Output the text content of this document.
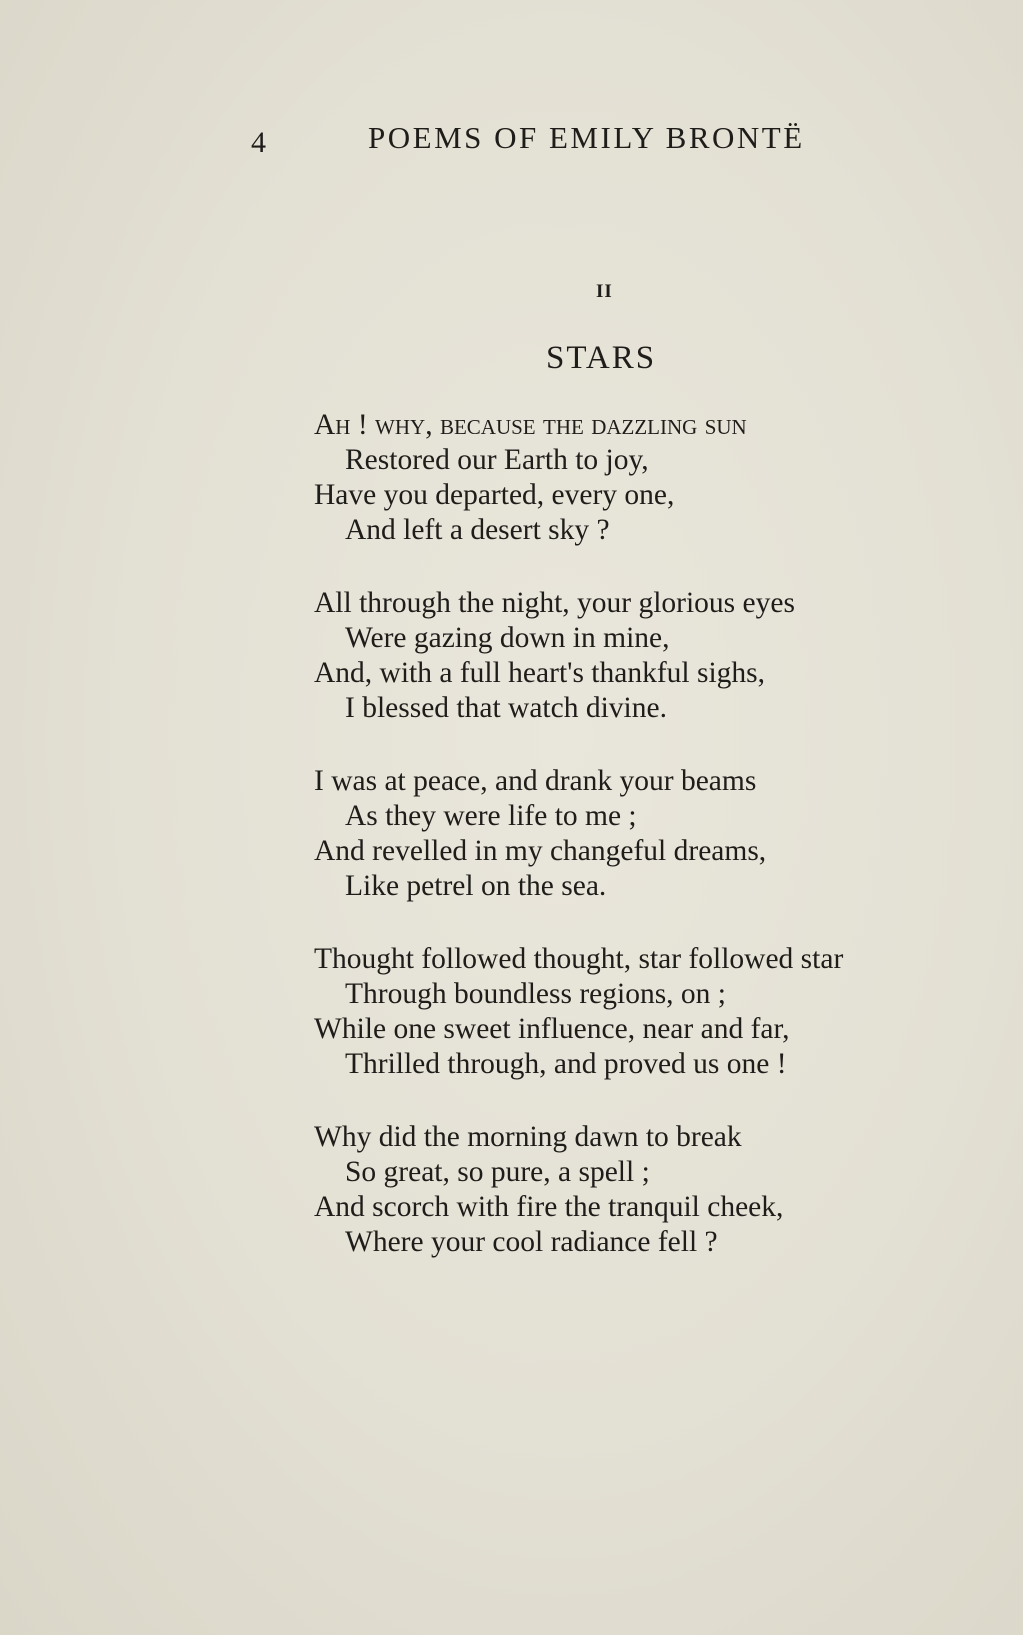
4	POEMS OF EMILY BRONTË
II
STARS
Ah ! why, because the dazzling sun
Restored our Earth to joy,
Have you departed, every one,
And left a desert sky ?
All through the night, your glorious eyes
Were gazing down in mine,
And, with a full heart's thankful sighs,
I blessed that watch divine.
I was at peace, and drank your beams
As they were life to me ;
And revelled in my changeful dreams,
Like petrel on the sea.
Thought followed thought, star followed star
Through boundless regions, on ;
While one sweet influence, near and far,
Thrilled through, and proved us one !
Why did the morning dawn to break
So great, so pure, a spell ;
And scorch with fire the tranquil cheek,
Where your cool radiance fell ?
